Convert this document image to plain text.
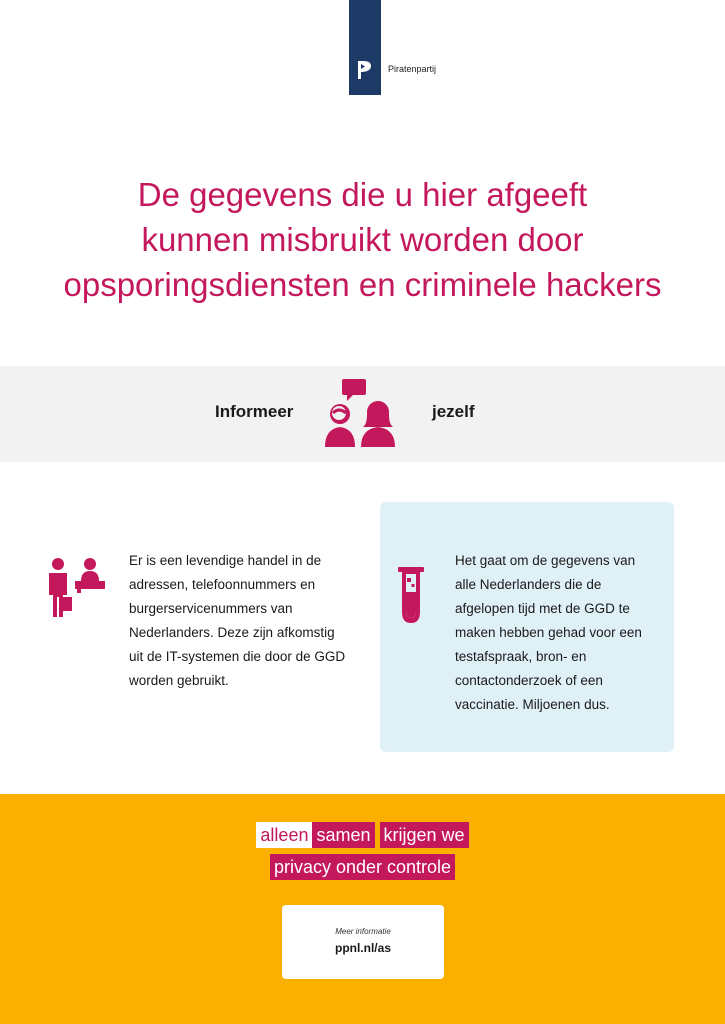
Piratenpartij
De gegevens die u hier afgeeft
kunnen misbruikt worden door
opsporingsdiensten en criminele hackers
Informeer	jezelf
Er is een levendige handel in de
adressen, telefoonnummers en
burgerservicenummers van
Nederlanders. Deze zijn afkomstig
uit de IT-systemen die door de GGD
worden gebruikt.
Het gaat om de gegevens van
alle Nederlanders die de
afgelopen tijd met de GGD te
maken hebben gehad voor een
testafspraak, bron- en
contactonderzoek of een
vaccinatie. Miljoenen dus.
alleen samen krijgen we
privacy onder controle
Meer informatie
ppnl.nl/as
